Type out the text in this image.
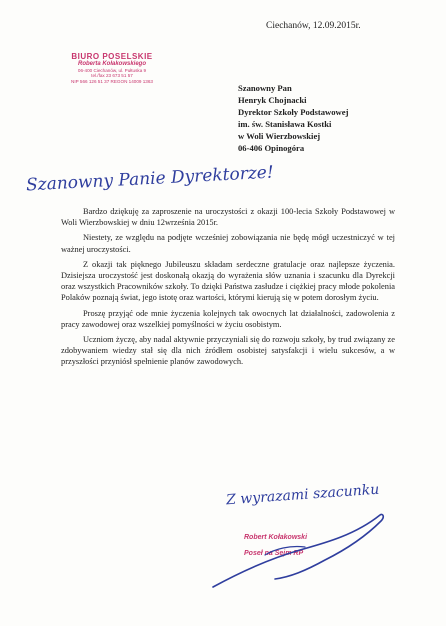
BIURO POSELSKIE
Roberta Kołakowskiego
06-400 Ciechanów, ul. Pułtuska 9
tel./fax 23 673 51 57
NIP 566 126 51 37 REGON 14009 1363
Ciechanów, 12.09.2015r.
Szanowny Pan
Henryk Chojnacki
Dyrektor Szkoły Podstawowej
im. św. Stanisława Kostki
w Woli Wierzbowskiej
06-406 Opinogóra
Szanowny Panie Dyrektorze!

Bardzo dziękuję za zaproszenie na uroczystości z okazji 100-lecia Szkoły Podstawowej w Woli Wierzbowskiej w dniu 12września 2015r.

Niestety, ze względu na podjęte wcześniej zobowiązania nie będę mógł uczestniczyć w tej ważnej uroczystości.

Z okazji tak pięknego Jubileuszu składam serdeczne gratulacje oraz najlepsze życzenia. Dzisiejsza uroczystość jest doskonałą okazją do wyrażenia słów uznania i szacunku dla Dyrekcji oraz wszystkich Pracowników szkoły. To dzięki Państwa zasłudze i ciężkiej pracy młode pokolenia Polaków poznają świat, jego istotę oraz wartości, którymi kierują się w potem dorosłym życiu.

Proszę przyjąć ode mnie życzenia kolejnych tak owocnych lat działalności, zadowolenia z pracy zawodowej oraz wszelkiej pomyślności w życiu osobistym.

Uczniom życzę, aby nadal aktywnie przyczyniali się do rozwoju szkoły, by trud związany ze zdobywaniem wiedzy stał się dla nich źródłem osobistej satysfakcji i wielu sukcesów, a w przyszłości przyniósł spełnienie planów zawodowych.

Z wyrazami szacunku
Robert Kołakowski
Poseł na Sejm RP
